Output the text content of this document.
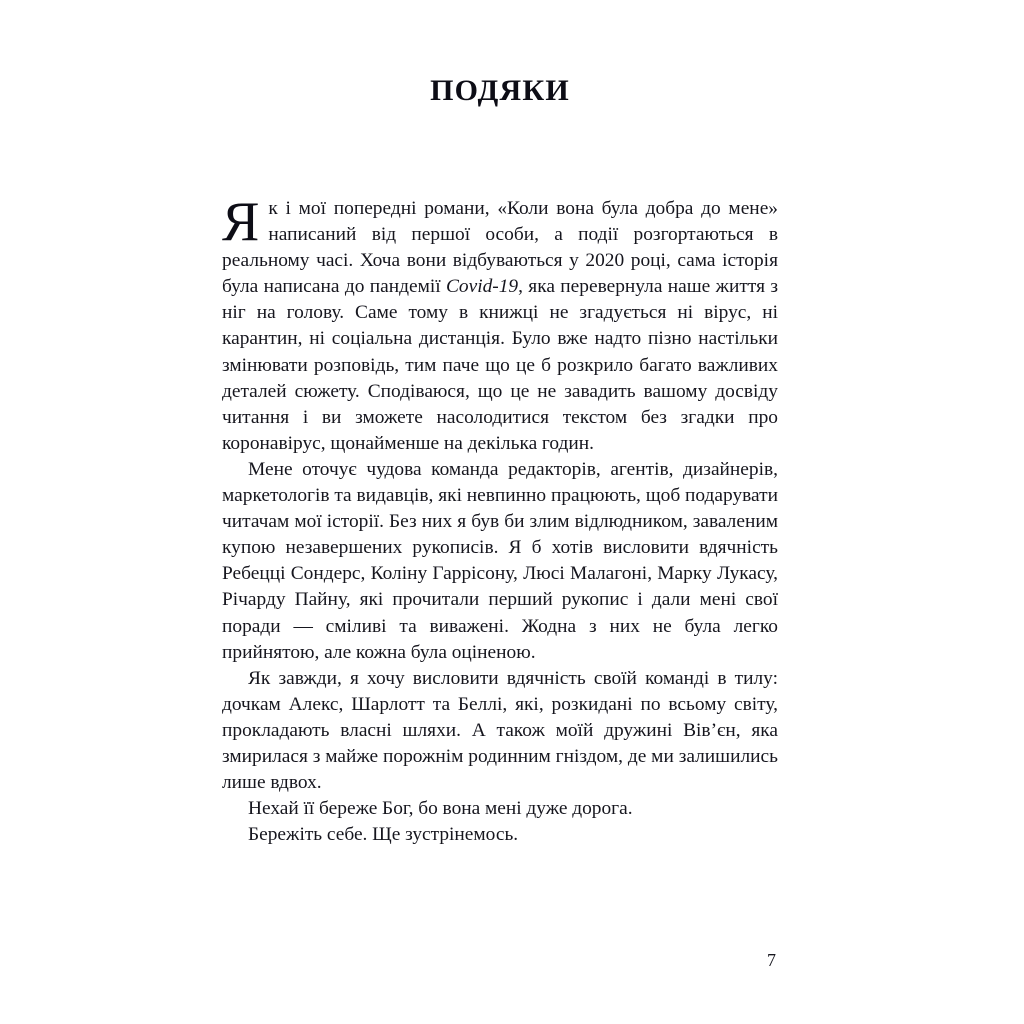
ПОДЯКИ

Як і мої попередні романи, «Коли вона була добра до мене» написаний від першої особи, а події розгортаються в реальному часі. Хоча вони відбуваються у 2020 році, сама історія була написана до пандемії Covid-19, яка перевернула наше життя з ніг на голову. Саме тому в книжці не згадується ні вірус, ні карантин, ні соціальна дистанція. Було вже надто пізно настільки змінювати розповідь, тим паче що це б розкрило багато важливих деталей сюжету. Сподіваюся, що це не завадить вашому досвіду читання і ви зможете насолодитися текстом без згадки про коронавірус, щонайменше на декілька годин.

Мене оточує чудова команда редакторів, агентів, дизайнерів, маркетологів та видавців, які невпинно працюють, щоб подарувати читачам мої історії. Без них я був би злим відлюдником, заваленим купою незавершених рукописів. Я б хотів висловити вдячність Ребецці Сондерс, Коліну Гаррісону, Люсі Малагоні, Марку Лукасу, Річарду Пайну, які прочитали перший рукопис і дали мені свої поради — сміливі та виважені. Жодна з них не була легко прийнятою, але кожна була оціненою.

Як завжди, я хочу висловити вдячність своїй команді в тилу: дочкам Алекс, Шарлотт та Беллі, які, розкидані по всьому світу, прокладають власні шляхи. А також моїй дружині Вів’єн, яка змирилася з майже порожнім родинним гніздом, де ми залишились лише вдвох.

Нехай її береже Бог, бо вона мені дуже дорога.

Бережіть себе. Ще зустрінемось.

7
